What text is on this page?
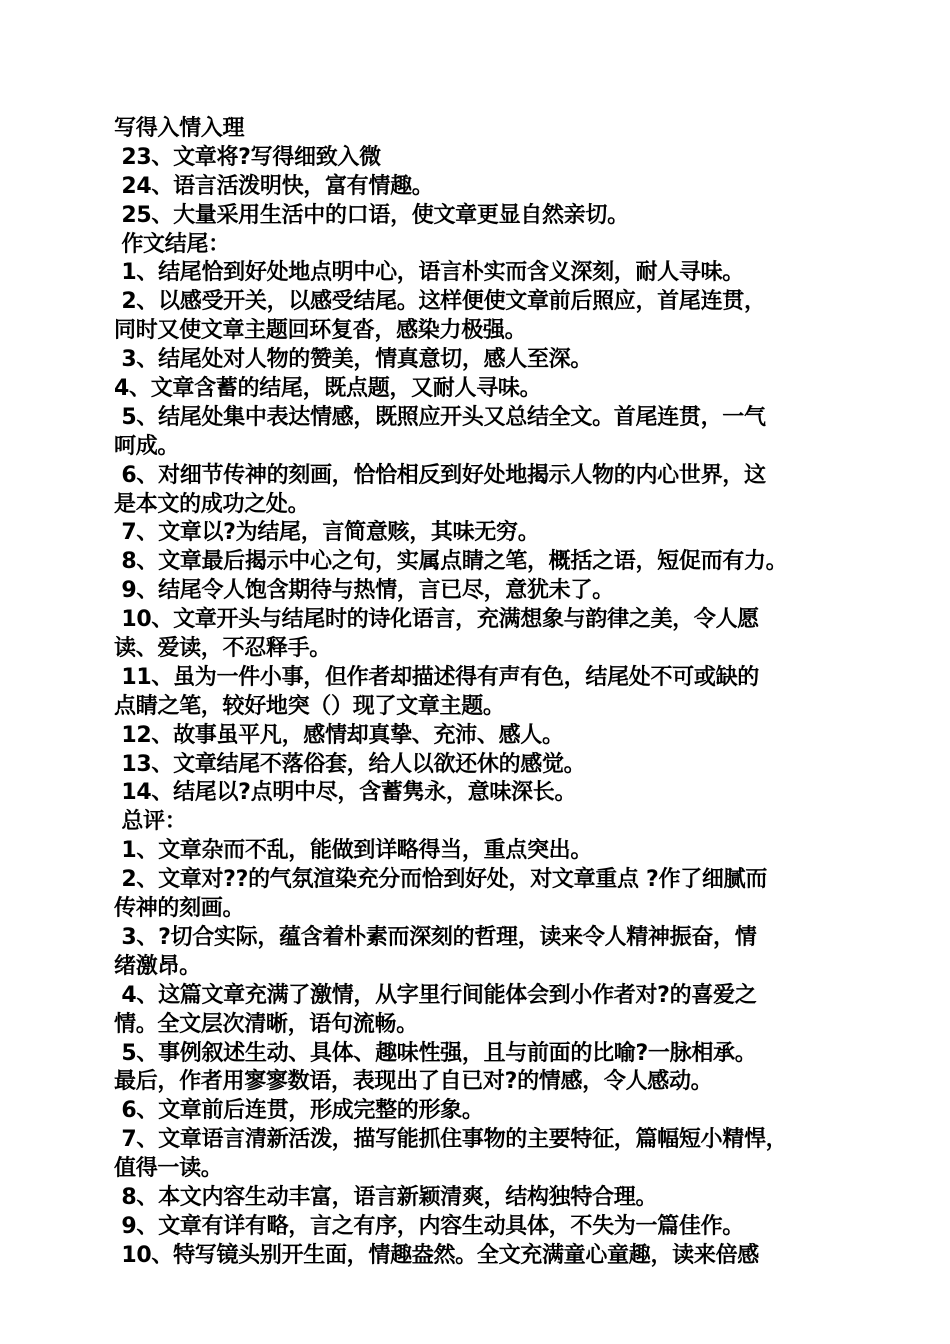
写得入情入理
23、文章将?写得细致入微
24、语言活泼明快，富有情趣。
25、大量采用生活中的口语，使文章更显自然亲切。
作文结尾：
1、结尾恰到好处地点明中心，语言朴实而含义深刻，耐人寻味。
2、以感受开关，以感受结尾。这样便使文章前后照应，首尾连贯，
同时又使文章主题回环复沓，感染力极强。
3、结尾处对人物的赞美，情真意切，感人至深。
4、文章含蓄的结尾，既点题，又耐人寻味。
5、结尾处集中表达情感，既照应开头又总结全文。首尾连贯，一气
呵成。
6、对细节传神的刻画，恰恰相反到好处地揭示人物的内心世界，这
是本文的成功之处。
7、文章以?为结尾，言简意赅，其味无穷。
8、文章最后揭示中心之句，实属点睛之笔，概括之语，短促而有力。
9、结尾令人饱含期待与热情，言已尽，意犹未了。
10、文章开头与结尾时的诗化语言，充满想象与韵律之美，令人愿
读、爱读，不忍释手。
11、虽为一件小事，但作者却描述得有声有色，结尾处不可或缺的
点睛之笔，较好地突（）现了文章主题。
12、故事虽平凡，感情却真挚、充沛、感人。
13、文章结尾不落俗套，给人以欲还休的感觉。
14、结尾以?点明中尽，含蓄隽永，意味深长。
总评：
1、文章杂而不乱，能做到详略得当，重点突出。
2、文章对??的气氛渲染充分而恰到好处，对文章重点 ?作了细腻而
传神的刻画。
3、?切合实际，蕴含着朴素而深刻的哲理，读来令人精神振奋，情
绪激昂。
4、这篇文章充满了激情，从字里行间能体会到小作者对?的喜爱之
情。全文层次清晰，语句流畅。
5、事例叙述生动、具体、趣味性强，且与前面的比喻?一脉相承。
最后，作者用寥寥数语，表现出了自已对?的情感，令人感动。
6、文章前后连贯，形成完整的形象。
7、文章语言清新活泼，描写能抓住事物的主要特征，篇幅短小精悍，
值得一读。
8、本文内容生动丰富，语言新颖清爽，结构独特合理。
9、文章有详有略，言之有序，内容生动具体，不失为一篇佳作。
10、特写镜头别开生面，情趣盎然。全文充满童心童趣，读来倍感
